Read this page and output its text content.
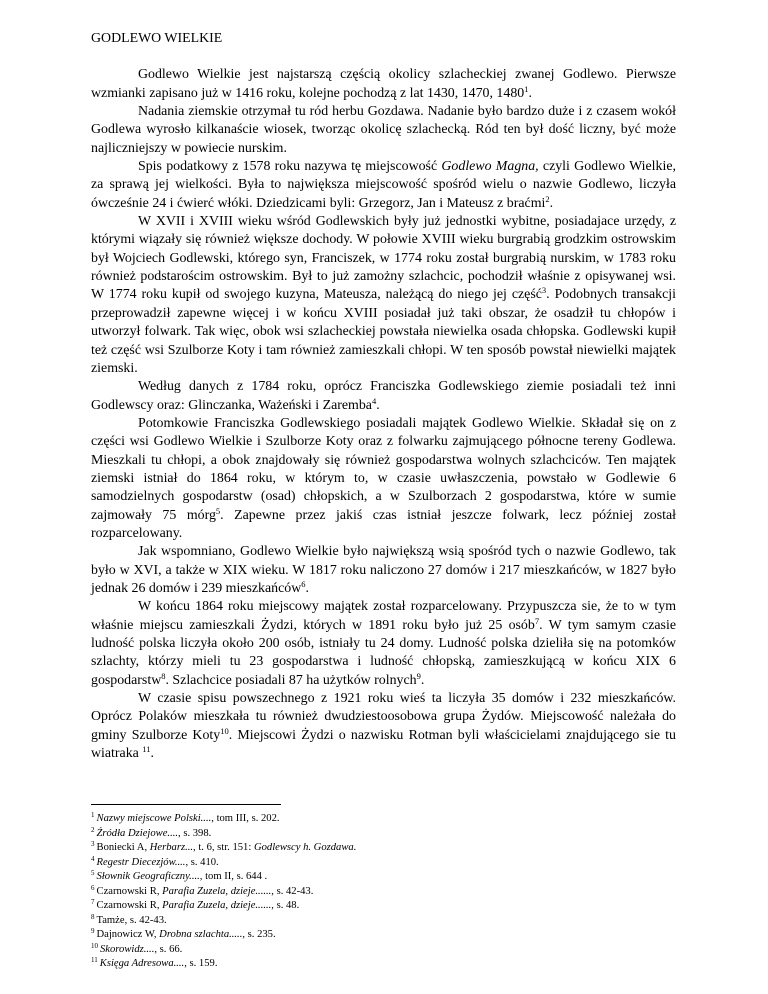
GODLEWO WIELKIE

Godlewo Wielkie jest najstarszą częścią okolicy szlacheckiej zwanej Godlewo. Pierwsze wzmianki zapisano już w 1416 roku, kolejne pochodzą z lat 1430, 1470, 1480$^1$.

Nadania ziemskie otrzymał tu ród herbu Gozdawa. Nadanie było bardzo duże i z czasem wokół Godlewa wyrosło kilkanaście wiosek, tworząc okolicę szlachecką. Ród ten był dość liczny, być może najliczniejszy w powiecie nurskim.

Spis podatkowy z 1578 roku nazywa tę miejscowość Godlewo Magna, czyli Godlewo Wielkie, za sprawą jej wielkości. Była to największa miejscowość spośród wielu o nazwie Godlewo, liczyła ówcześnie 24 i ćwierć włóki. Dziedzicami byli: Grzegorz, Jan i Mateusz z braćmi$^2$.

W XVII i XVIII wieku wśród Godlewskich były już jednostki wybitne, posiadajace urzędy, z którymi wiązały się również większe dochody. W połowie XVIII wieku burgrabią grodzkim ostrowskim był Wojciech Godlewski, którego syn, Franciszek, w 1774 roku został burgrabią nurskim, w 1783 roku również podstarościm ostrowskim. Był to już zamożny szlachcic, pochodził właśnie z opisywanej wsi. W 1774 roku kupił od swojego kuzyna, Mateusza, należącą do niego jej część$^3$. Podobnych transakcji przeprowadził zapewne więcej i w końcu XVIII posiadał już taki obszar, że osadził tu chłopów i utworzył folwark. Tak więc, obok wsi szlacheckiej powstała niewielka osada chłopska. Godlewski kupił też część wsi Szulborze Koty i tam również zamieszkali chłopi. W ten sposób powstał niewielki majątek ziemski.

Według danych z 1784 roku, oprócz Franciszka Godlewskiego ziemie posiadali też inni Godlewscy oraz: Glinczanka, Ważeński i Zaremba$^4$.

Potomkowie Franciszka Godlewskiego posiadali majątek Godlewo Wielkie. Składał się on z części wsi Godlewo Wielkie i Szulborze Koty oraz z folwarku zajmującego północne tereny Godlewa. Mieszkali tu chłopi, a obok znajdowały się również gospodarstwa wolnych szlachciców. Ten majątek ziemski istniał do 1864 roku, w którym to, w czasie uwłaszczenia, powstało w Godlewie 6 samodzielnych gospodarstw (osad) chłopskich, a w Szulborzach 2 gospodarstwa, które w sumie zajmowały 75 mórg$^5$. Zapewne przez jakiś czas istniał jeszcze folwark, lecz później został rozparcelowany.

Jak wspomniano, Godlewo Wielkie było największą wsią spośród tych o nazwie Godlewo, tak było w XVI, a także w XIX wieku. W 1817 roku naliczono 27 domów i 217 mieszkańców, w 1827 było jednak 26 domów i 239 mieszkańców$^6$.

W końcu 1864 roku miejscowy majątek został rozparcelowany. Przypuszcza sie, że to w tym właśnie miejscu zamieszkali Żydzi, których w 1891 roku było już 25 osób$^7$. W tym samym czasie ludność polska liczyła około 200 osób, istniały tu 24 domy. Ludność polska dzieliła się na potomków szlachty, którzy mieli tu 23 gospodarstwa i ludność chłopską, zamieszkującą w końcu XIX 6 gospodarstw$^8$. Szlachcice posiadali 87 ha użytków rolnych$^9$.

W czasie spisu powszechnego z 1921 roku wieś ta liczyła 35 domów i 232 mieszkańców. Oprócz Polaków mieszkała tu również dwudziestoosobowa grupa Żydów. Miejscowość należała do gminy Szulborze Koty$^{10}$. Miejscowi Żydzi o nazwisku Rotman byli właścicielami znajdującego sie tu wiatraka $^{11}$.

$^1$ Nazwy miejscowe Polski...., tom III, s. 202.
$^2$ Źródła Dziejowe...., s. 398.
$^3$ Boniecki A, Herbarz..., t. 6, str. 151: Godlewscy h. Gozdawa.
$^4$ Regestr Diecezjów...., s. 410.
$^5$ Słownik Geograficzny...., tom II, s. 644 .
$^6$ Czarnowski R, Parafia Zuzela, dzieje......, s. 42-43.
$^7$ Czarnowski R, Parafia Zuzela, dzieje......, s. 48.
$^8$ Tamże, s. 42-43.
$^9$ Dajnowicz W, Drobna szlachta....., s. 235.
$^{10}$ Skorowidz...., s. 66.
$^{11}$ Księga Adresowa...., s. 159.
